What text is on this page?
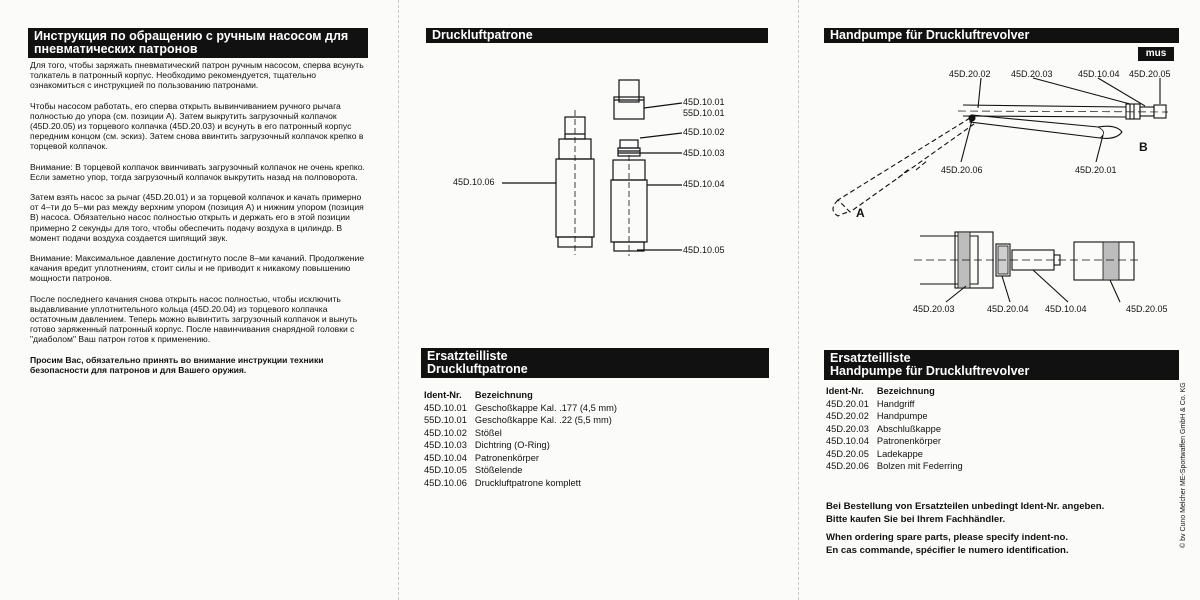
Инструкция по обращению с ручным насосом для
пневматических патронов

Для того, чтобы заряжать пневматический патрон ручным насосом, сперва всунуть толкатель в патронный корпус. Необходимо рекомендуется, тщательно ознакомиться с инструкцией по пользованию патронами.

Чтобы насосом работать, его сперва открыть вывинчиванием ручного рычага полностью до упора (см. позиции А). Затем выкрутить загрузочный колпачок (45D.20.05) из торцевого колпачка (45D.20.03) и всунуть в его патронный корпус передним концом (см. эскиз). Затем снова ввинтить загрузочный колпачок крепко в торцевой колпачок.

Внимание: В торцевой колпачок ввинчивать загрузочный колпачок не очень крепко. Если заметно упор, тогда загрузочный колпачок выкрутить назад на полповорота.

Затем взять насос за рычаг (45D.20.01) и за торцевой колпачок и качать примерно от 4–ти до 5–ми раз между верхним упором (позиция А) и нижним упором (позиция В) насоса. Обязательно насос полностью открыть и держать его в этой позиции примерно 2 секунды для того, чтобы обеспечить подачу воздуха в цилиндр. В момент подачи воздуха создается шипящий звук.

Внимание: Максимальное давление достигнуто после 8–ми качаний. Продолжение качания вредит уплотнениям, стоит силы и не приводит к никакому повышению мощности патронов.

После последнего качания снова открыть насос полностью, чтобы исключить выдавливание уплотнительного кольца (45D.20.04) из торцевого колпачка остаточным давлением. Теперь можно вывинтить загрузочный колпачок и вынуть готово заряженный патронный корпус. После навинчивания снарядной головки с "диаболом" Ваш патрон готов к применению.

Просим Вас, обязательно принять во внимание инструкции техники безопасности для патронов и для Вашего оружия.

Druckluftpatrone
45D.10.01
55D.10.01
45D.10.02
45D.10.03
45D.10.04
45D.10.05
45D.10.06
Ersatzteilliste
Druckluftpatrone
Ident-Nr.	Bezeichnung
45D.10.01	Geschoßkappe Kal. .177 (4,5 mm)
55D.10.01	Geschoßkappe Kal. .22 (5,5 mm)
45D.10.02	Stößel
45D.10.03	Dichtring (O-Ring)
45D.10.04	Patronenkörper
45D.10.05	Stößelende
45D.10.06	Druckluftpatrone komplett
Handpumpe für Druckluftrevolver
mus
45D.20.02 45D.20.03	45D.10.04 45D.20.05
45D.20.06	45D.20.01
B
A
45D.20.03	45D.20.04 45D.10.04	45D.20.05
Ersatzteilliste
Handpumpe für Druckluftrevolver
Ident-Nr.	Bezeichnung
45D.20.01	Handgriff
45D.20.02	Handpumpe
45D.20.03	Abschlußkappe
45D.10.04	Patronenkörper
45D.20.05	Ladekappe
45D.20.06	Bolzen mit Federring
Bei Bestellung von Ersatzteilen unbedingt Ident-Nr. angeben.
Bitte kaufen Sie bei Ihrem Fachhändler.
When ordering spare parts, please specify indent-no.
En cas commande, spécifier le numero identification.
© bv Cuno Melcher ME-Sportwaffen GmbH & Co. KG
